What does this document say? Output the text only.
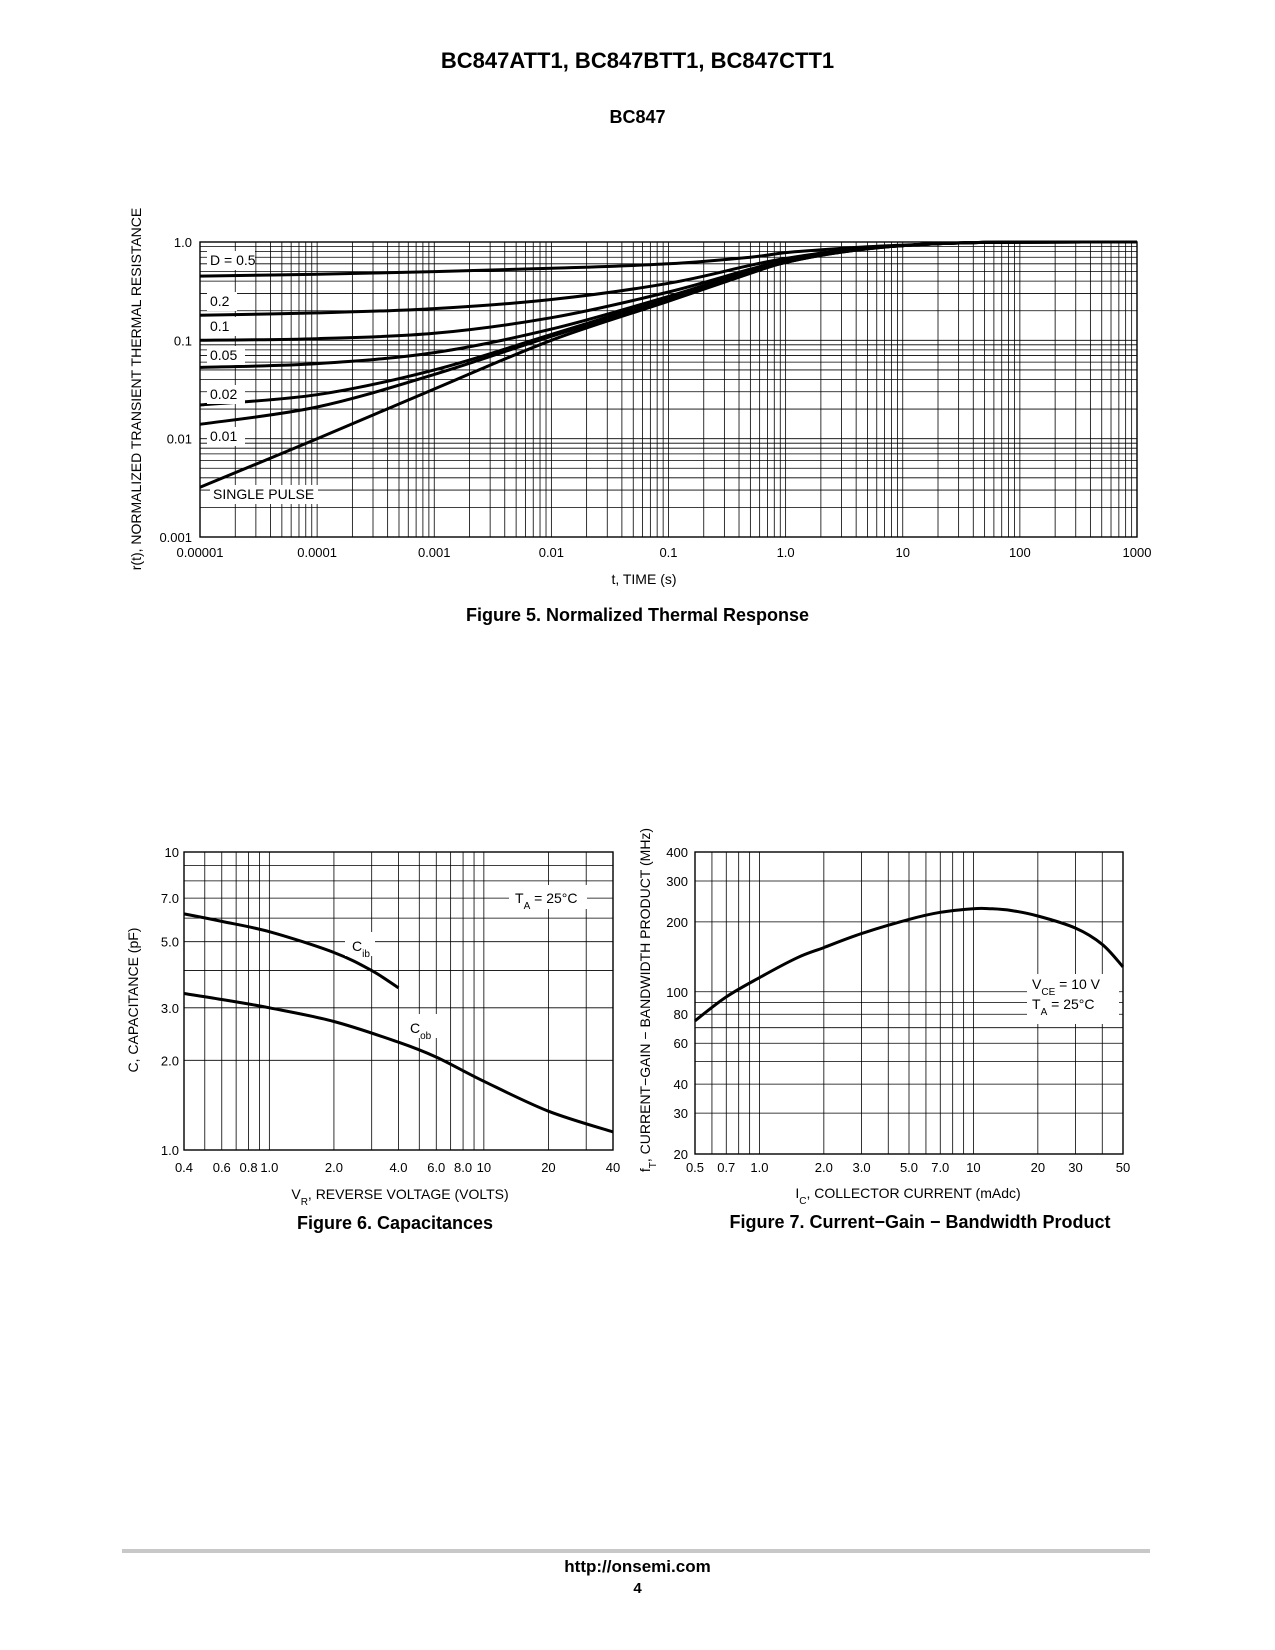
BC847ATT1, BC847BTT1, BC847CTT1
BC847
0.00001	0.0001	0.001	0.01	0.1	1.0	10	100	1000
0.001
0.01
0.1
1.0
t, TIME (s)
r(t), NORMALIZED TRANSIENT THERMAL RESISTANCE	D = 0.5
0.2
0.1
0.05
0.02
0.01
SINGLE PULSE
0.4 0.6 0.8 1.0	2.0	4.0 6.0 8.0 10	20	40
1.0
2.0
3.0
5.0
7.0
10
$V_R$, REVERSE VOLTAGE (VOLTS)
C, CAPACITANCE (pF)	$C_{ib}$
$C_{ob}$
$T_A = 25^\circ C$
0.5 0.7 1.0	2.0 3.0 5.0 7.0 10	20 30	50
20
30
40
60
80
100
200
300
400
$I_C$, COLLECTOR CURRENT (mAdc)
$f_T$, CURRENT−GAIN − BANDWIDTH PRODUCT (MHz)	$V_{CE} = 10$ V
$T_A = 25^\circ C$
Figure 5. Normalized Thermal Response
Figure 6. Capacitances	Figure 7. Current−Gain − Bandwidth Product
http://onsemi.com
4
